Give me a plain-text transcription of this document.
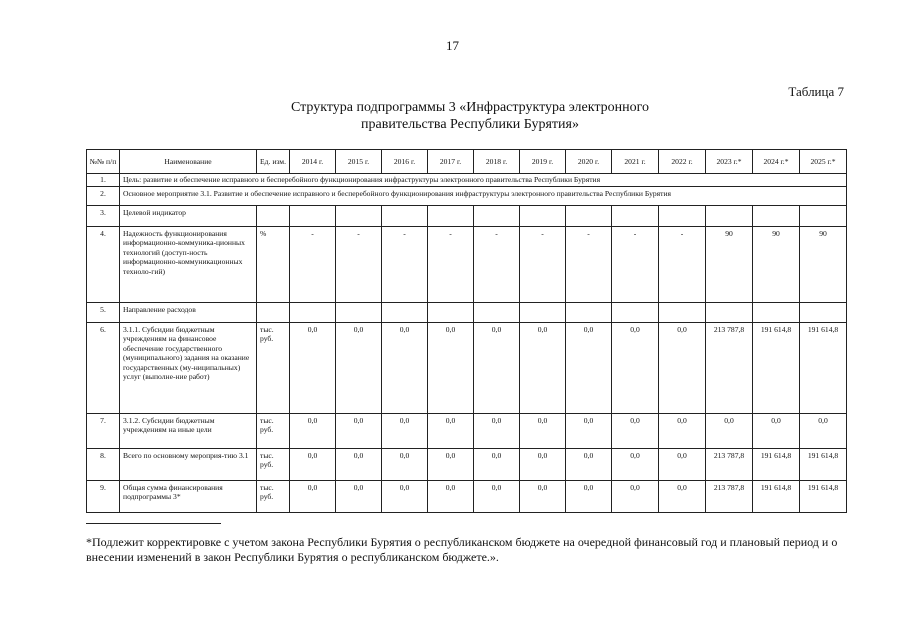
17
Таблица 7
Структура подпрограммы 3 «Инфраструктура электронного
правительства Республики Бурятия»
№№ п/п	Наименование	Ед. изм.	2014 г.	2015 г.	2016 г.	2017 г.	2018 г.	2019 г.	2020 г.	2021 г.	2022 г.	2023 г.*	2024 г.*	2025 г.*
1.	Цель: развитие и обеспечение исправного и бесперебойного функционирования инфраструктуры электронного правительства Республики Бурятия													
2.	Основное мероприятие 3.1. Развитие и обеспечение исправного и бесперебойного функционирования инфраструктуры электронного правительства Республики Бурятия													
3.	Целевой индикатор													
4.	Надежность функционирования информационно-коммуника-ционных технологий (доступ-ность информационно-коммуникационных техноло-гий)	%	-	-	-	-	-	-	-	-	-	90	90	90
5.	Направление расходов													
6.	3.1.1. Субсидии бюджетным учреждениям на финансовое обеспечение государственного (муниципального) задания на оказание государственных (му-ниципальных) услуг (выполне-ние работ)	тыс. руб.	0,0	0,0	0,0	0,0	0,0	0,0	0,0	0,0	0,0	213 787,8	191 614,8	191 614,8
7.	3.1.2. Субсидии бюджетным учреждениям на иные цели	тыс. руб.	0,0	0,0	0,0	0,0	0,0	0,0	0,0	0,0	0,0	0,0	0,0	0,0
8.	Всего по основному мероприя-тию 3.1	тыс. руб.	0,0	0,0	0,0	0,0	0,0	0,0	0,0	0,0	0,0	213 787,8	191 614,8	191 614,8
9.	Общая сумма финансирования подпрограммы 3*	тыс. руб.	0,0	0,0	0,0	0,0	0,0	0,0	0,0	0,0	0,0	213 787,8	191 614,8	191 614,8
*Подлежит корректировке с учетом закона Республики Бурятия о республиканском бюджете на очередной финансовый год и плановый период и о внесении изменений в закон Республики Бурятия о республиканском бюджете.».
